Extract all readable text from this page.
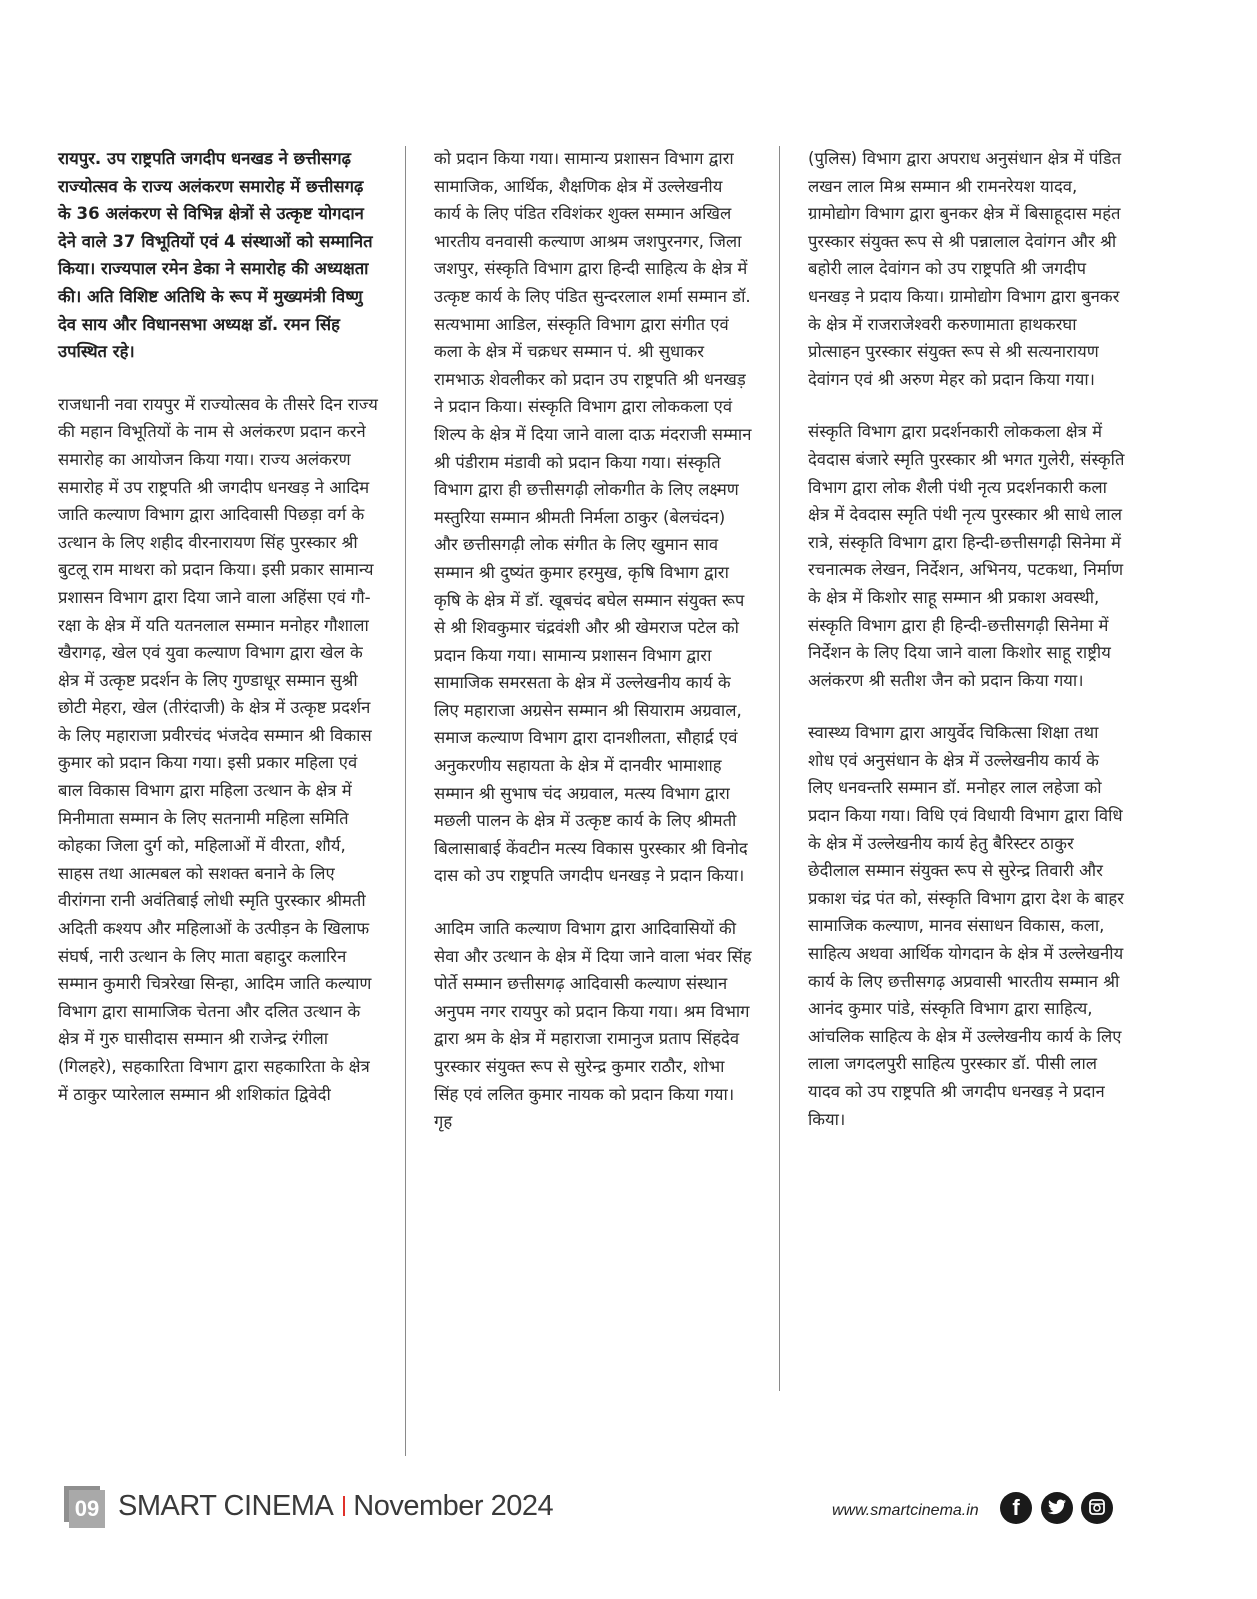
रायपुर. उप राष्ट्रपति जगदीप धनखड ने छत्तीसगढ़ राज्योत्सव के राज्य अलंकरण समारोह में छत्तीसगढ़ के 36 अलंकरण से विभिन्न क्षेत्रों से उत्कृष्ट योगदान देने वाले 37 विभूतियों एवं 4 संस्थाओं को सम्मानित किया। राज्यपाल रमेन डेका ने समारोह की अध्यक्षता की। अति विशिष्ट अतिथि के रूप में मुख्यमंत्री विष्णु देव साय और विधानसभा अध्यक्ष डॉ. रमन सिंह उपस्थित रहे।

राजधानी नवा रायपुर में राज्योत्सव के तीसरे दिन राज्य की महान विभूतियों के नाम से अलंकरण प्रदान करने समारोह का आयोजन किया गया। राज्य अलंकरण समारोह में उप राष्ट्रपति श्री जगदीप धनखड़ ने आदिम जाति कल्याण विभाग द्वारा आदिवासी पिछड़ा वर्ग के उत्थान के लिए शहीद वीरनारायण सिंह पुरस्कार श्री बुटलू राम माथरा को प्रदान किया। इसी प्रकार सामान्य प्रशासन विभाग द्वारा दिया जाने वाला अहिंसा एवं गौ-रक्षा के क्षेत्र में यति यतनलाल सम्मान मनोहर गौशाला खैरागढ़, खेल एवं युवा कल्याण विभाग द्वारा खेल के क्षेत्र में उत्कृष्ट प्रदर्शन के लिए गुण्डाधूर सम्मान सुश्री छोटी मेहरा, खेल (तीरंदाजी) के क्षेत्र में उत्कृष्ट प्रदर्शन के लिए महाराजा प्रवीरचंद भंजदेव सम्मान श्री विकास कुमार को प्रदान किया गया। इसी प्रकार महिला एवं बाल विकास विभाग द्वारा महिला उत्थान के क्षेत्र में मिनीमाता सम्मान के लिए सतनामी महिला समिति कोहका जिला दुर्ग को, महिलाओं में वीरता, शौर्य, साहस तथा आत्मबल को सशक्त बनाने के लिए वीरांगना रानी अवंतिबाई लोधी स्मृति पुरस्कार श्रीमती अदिती कश्यप और महिलाओं के उत्पीड़न के खिलाफ संघर्ष, नारी उत्थान के लिए माता बहादुर कलारिन सम्मान कुमारी चित्ररेखा सिन्हा, आदिम जाति कल्याण विभाग द्वारा सामाजिक चेतना और दलित उत्थान के क्षेत्र में गुरु घासीदास सम्मान श्री राजेन्द्र रंगीला (गिलहरे), सहकारिता विभाग द्वारा सहकारिता के क्षेत्र में ठाकुर प्यारेलाल सम्मान श्री शशिकांत द्विवेदी

को प्रदान किया गया। सामान्य प्रशासन विभाग द्वारा सामाजिक, आर्थिक, शैक्षणिक क्षेत्र में उल्लेखनीय कार्य के लिए पंडित रविशंकर शुक्ल सम्मान अखिल भारतीय वनवासी कल्याण आश्रम जशपुरनगर, जिला जशपुर, संस्कृति विभाग द्वारा हिन्दी साहित्य के क्षेत्र में उत्कृष्ट कार्य के लिए पंडित सुन्दरलाल शर्मा सम्मान डॉ. सत्यभामा आडिल, संस्कृति विभाग द्वारा संगीत एवं कला के क्षेत्र में चक्रधर सम्मान पं. श्री सुधाकर रामभाऊ शेवलीकर को प्रदान उप राष्ट्रपति श्री धनखड़ ने प्रदान किया। संस्कृति विभाग द्वारा लोककला एवं शिल्प के क्षेत्र में दिया जाने वाला दाऊ मंदराजी सम्मान श्री पंडीराम मंडावी को प्रदान किया गया। संस्कृति विभाग द्वारा ही छत्तीसगढ़ी लोकगीत के लिए लक्ष्मण मस्तुरिया सम्मान श्रीमती निर्मला ठाकुर (बेलचंदन) और छत्तीसगढ़ी लोक संगीत के लिए खुमान साव सम्मान श्री दुष्यंत कुमार हरमुख, कृषि विभाग द्वारा कृषि के क्षेत्र में डॉ. खूबचंद बघेल सम्मान संयुक्त रूप से श्री शिवकुमार चंद्रवंशी और श्री खेमराज पटेल को प्रदान किया गया। सामान्य प्रशासन विभाग द्वारा सामाजिक समरसता के क्षेत्र में उल्लेखनीय कार्य के लिए महाराजा अग्रसेन सम्मान श्री सियाराम अग्रवाल, समाज कल्याण विभाग द्वारा दानशीलता, सौहार्द्र एवं अनुकरणीय सहायता के क्षेत्र में दानवीर भामाशाह सम्मान श्री सुभाष चंद अग्रवाल, मत्स्य विभाग द्वारा मछली पालन के क्षेत्र में उत्कृष्ट कार्य के लिए श्रीमती बिलासाबाई केंवटीन मत्स्य विकास पुरस्कार श्री विनोद दास को उप राष्ट्रपति जगदीप धनखड़ ने प्रदान किया।

आदिम जाति कल्याण विभाग द्वारा आदिवासियों की सेवा और उत्थान के क्षेत्र में दिया जाने वाला भंवर सिंह पोर्ते सम्मान छत्तीसगढ़ आदिवासी कल्याण संस्थान अनुपम नगर रायपुर को प्रदान किया गया। श्रम विभाग द्वारा श्रम के क्षेत्र में महाराजा रामानुज प्रताप सिंहदेव पुरस्कार संयुक्त रूप से सुरेन्द्र कुमार राठौर, शोभा सिंह एवं ललित कुमार नायक को प्रदान किया गया। गृह

(पुलिस) विभाग द्वारा अपराध अनुसंधान क्षेत्र में पंडित लखन लाल मिश्र सम्मान श्री रामनरेयश यादव, ग्रामोद्योग विभाग द्वारा बुनकर क्षेत्र में बिसाहूदास महंत पुरस्कार संयुक्त रूप से श्री पन्नालाल देवांगन और श्री बहोरी लाल देवांगन को उप राष्ट्रपति श्री जगदीप धनखड़ ने प्रदाय किया। ग्रामोद्योग विभाग द्वारा बुनकर के क्षेत्र में राजराजेश्वरी करुणामाता हाथकरघा प्रोत्साहन पुरस्कार संयुक्त रूप से श्री सत्यनारायण देवांगन एवं श्री अरुण मेहर को प्रदान किया गया।

संस्कृति विभाग द्वारा प्रदर्शनकारी लोककला क्षेत्र में देवदास बंजारे स्मृति पुरस्कार श्री भगत गुलेरी, संस्कृति विभाग द्वारा लोक शैली पंथी नृत्य प्रदर्शनकारी कला क्षेत्र में देवदास स्मृति पंथी नृत्य पुरस्कार श्री साधे लाल रात्रे, संस्कृति विभाग द्वारा हिन्दी-छत्तीसगढ़ी सिनेमा में रचनात्मक लेखन, निर्देशन, अभिनय, पटकथा, निर्माण के क्षेत्र में किशोर साहू सम्मान श्री प्रकाश अवस्थी, संस्कृति विभाग द्वारा ही हिन्दी-छत्तीसगढ़ी सिनेमा में निर्देशन के लिए दिया जाने वाला किशोर साहू राष्ट्रीय अलंकरण श्री सतीश जैन को प्रदान किया गया।

स्वास्थ्य विभाग द्वारा आयुर्वेद चिकित्सा शिक्षा तथा शोध एवं अनुसंधान के क्षेत्र में उल्लेखनीय कार्य के लिए धनवन्तरि सम्मान डॉ. मनोहर लाल लहेजा को प्रदान किया गया। विधि एवं विधायी विभाग द्वारा विधि के क्षेत्र में उल्लेखनीय कार्य हेतु बैरिस्टर ठाकुर छेदीलाल सम्मान संयुक्त रूप से सुरेन्द्र तिवारी और प्रकाश चंद्र पंत को, संस्कृति विभाग द्वारा देश के बाहर सामाजिक कल्याण, मानव संसाधन विकास, कला, साहित्य अथवा आर्थिक योगदान के क्षेत्र में उल्लेखनीय कार्य के लिए छत्तीसगढ़ अप्रवासी भारतीय सम्मान श्री आनंद कुमार पांडे, संस्कृति विभाग द्वारा साहित्य, आंचलिक साहित्य के क्षेत्र में उल्लेखनीय कार्य के लिए लाला जगदलपुरी साहित्य पुरस्कार डॉ. पीसी लाल यादव को उप राष्ट्रपति श्री जगदीप धनखड़ ने प्रदान किया।

09 SMART CINEMA November 2024	www.smartcinema.in	f
